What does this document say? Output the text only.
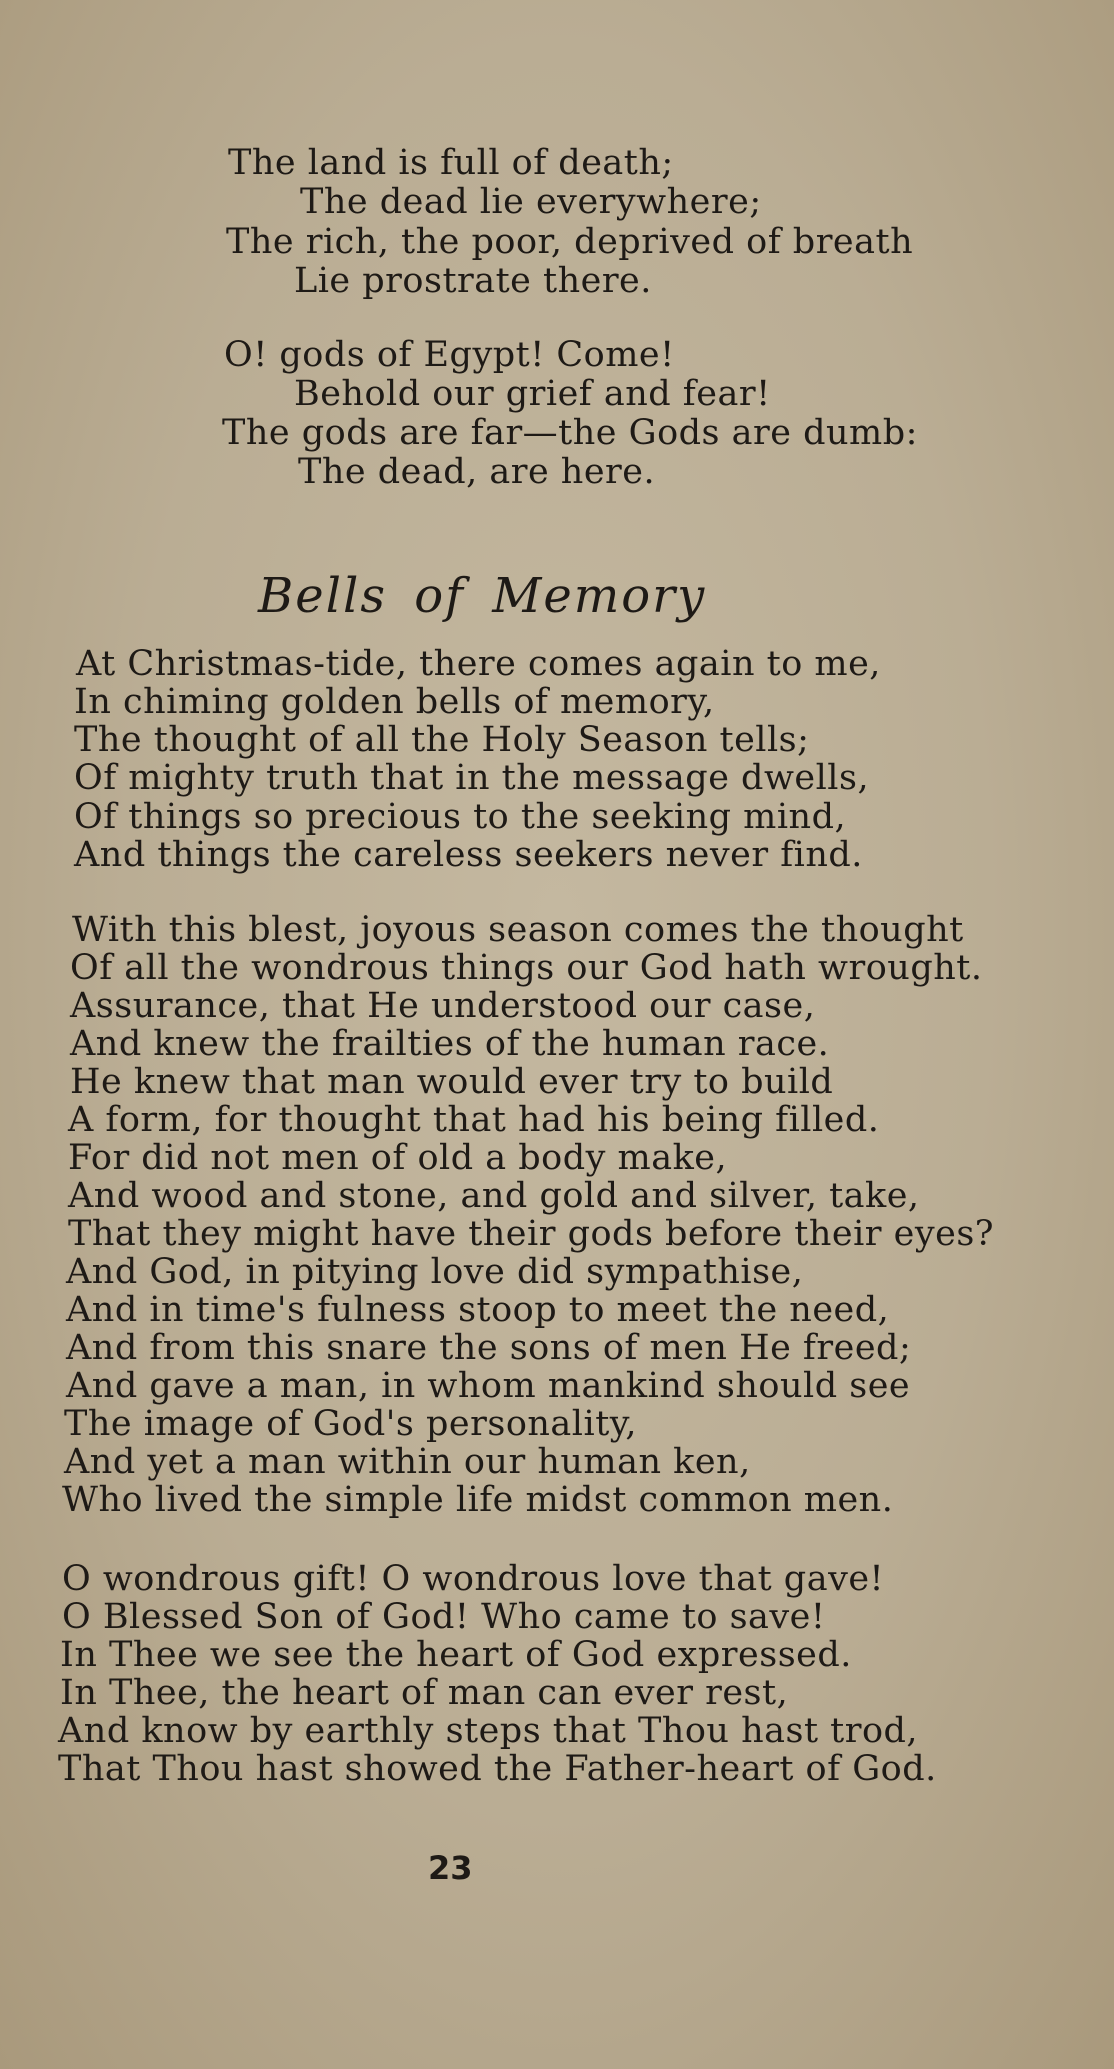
The land is full of death;
The dead lie everywhere;
The rich, the poor, deprived of breath
Lie prostrate there.
O! gods of Egypt! Come!
Behold our grief and fear!
The gods are far—the Gods are dumb:
The dead, are here.
Bells of Memory
At Christmas-tide, there comes again to me,
In chiming golden bells of memory,
The thought of all the Holy Season tells;
Of mighty truth that in the message dwells,
Of things so precious to the seeking mind,
And things the careless seekers never find.
With this blest, joyous season comes the thought
Of all the wondrous things our God hath wrought.
Assurance, that He understood our case,
And knew the frailties of the human race.
He knew that man would ever try to build
A form, for thought that had his being filled.
For did not men of old a body make,
And wood and stone, and gold and silver, take,
That they might have their gods before their eyes?
And God, in pitying love did sympathise,
And in time's fulness stoop to meet the need,
And from this snare the sons of men He freed;
And gave a man, in whom mankind should see
The image of God's personality,
And yet a man within our human ken,
Who lived the simple life midst common men.
O wondrous gift! O wondrous love that gave!
O Blessed Son of God! Who came to save!
In Thee we see the heart of God expressed.
In Thee, the heart of man can ever rest,
And know by earthly steps that Thou hast trod,
That Thou hast showed the Father-heart of God.
23
